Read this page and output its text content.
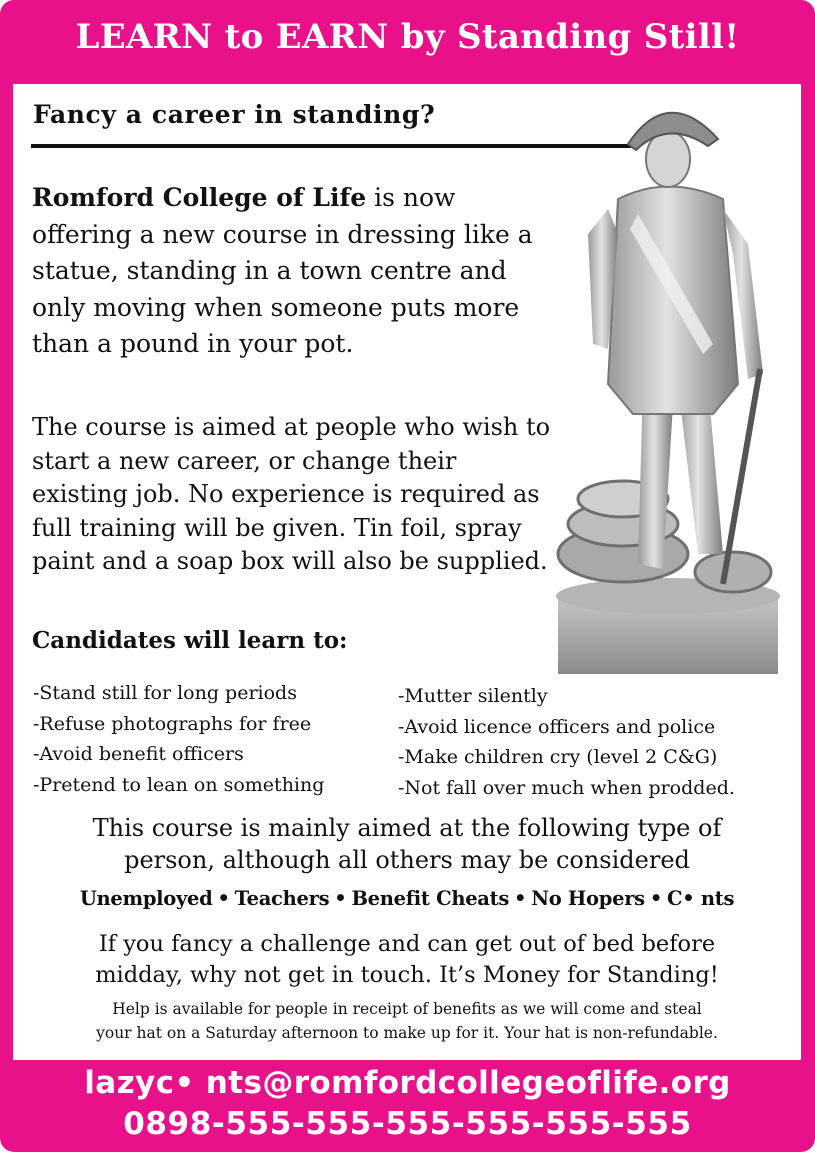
LEARN to EARN by Standing Still!
Fancy a career in standing?
Romford College of Life is now offering a new course in dressing like a statue, standing in a town centre and only moving when someone puts more than a pound in your pot.
The course is aimed at people who wish to start a new career, or change their existing job. No experience is required as full training will be given. Tin foil, spray paint and a soap box will also be supplied.
Candidates will learn to:
-Stand still for long periods
-Refuse photographs for free
-Avoid benefit officers
-Pretend to lean on something
-Mutter silently
-Avoid licence officers and police
-Make children cry (level 2 C&G)
-Not fall over much when prodded.
This course is mainly aimed at the following type of
person, although all others may be considered
Unemployed • Teachers • Benefit Cheats • No Hopers • C• nts
If you fancy a challenge and can get out of bed before
midday, why not get in touch. It’s Money for Standing!
Help is available for people in receipt of benefits as we will come and steal
your hat on a Saturday afternoon to make up for it. Your hat is non-refundable.
lazyc• nts@romfordcollegeoflife.org
0898-555-555-555-555-555-555
